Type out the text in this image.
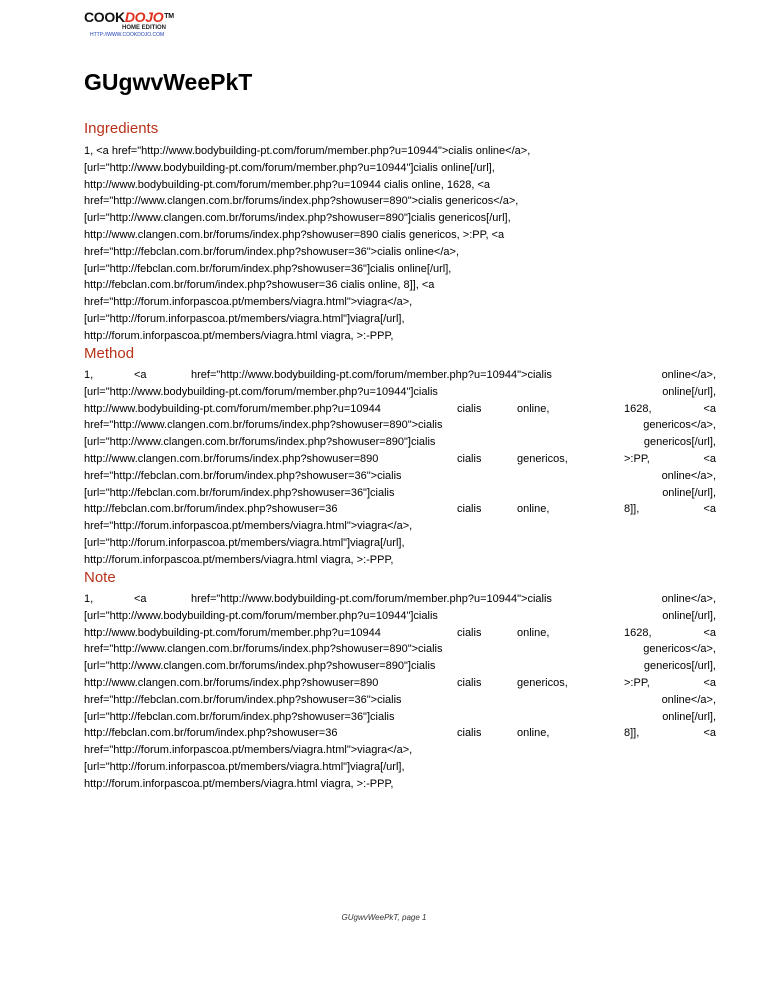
COOKDOJO™
HOME EDITION
HTTP://WWW.COOKDOJO.COM
GUgwvWeePkT
Ingredients
1, <a href="http://www.bodybuilding-pt.com/forum/member.php?u=10944">cialis online</a>,
[url="http://www.bodybuilding-pt.com/forum/member.php?u=10944"]cialis online[/url],
http://www.bodybuilding-pt.com/forum/member.php?u=10944 cialis online, 1628, <a
href="http://www.clangen.com.br/forums/index.php?showuser=890">cialis genericos</a>,
[url="http://www.clangen.com.br/forums/index.php?showuser=890"]cialis genericos[/url],
http://www.clangen.com.br/forums/index.php?showuser=890 cialis genericos, >:PP, <a
href="http://febclan.com.br/forum/index.php?showuser=36">cialis online</a>,
[url="http://febclan.com.br/forum/index.php?showuser=36"]cialis online[/url],
http://febclan.com.br/forum/index.php?showuser=36 cialis online, 8]], <a
href="http://forum.inforpascoa.pt/members/viagra.html">viagra</a>,
[url="http://forum.inforpascoa.pt/members/viagra.html"]viagra[/url],
http://forum.inforpascoa.pt/members/viagra.html viagra, >:-PPP,
Method
1,	<a	href="http://www.bodybuilding-pt.com/forum/member.php?u=10944">cialis	online</a>,
[url="http://www.bodybuilding-pt.com/forum/member.php?u=10944"]cialis	online[/url],
http://www.bodybuilding-pt.com/forum/member.php?u=10944	cialis	online,	1628,	<a
href="http://www.clangen.com.br/forums/index.php?showuser=890">cialis	genericos</a>,
[url="http://www.clangen.com.br/forums/index.php?showuser=890"]cialis	genericos[/url],
http://www.clangen.com.br/forums/index.php?showuser=890	cialis	genericos,	>:PP,	<a
href="http://febclan.com.br/forum/index.php?showuser=36">cialis	online</a>,
[url="http://febclan.com.br/forum/index.php?showuser=36"]cialis	online[/url],
http://febclan.com.br/forum/index.php?showuser=36	cialis	online,	8]],	<a
href="http://forum.inforpascoa.pt/members/viagra.html">viagra</a>,
[url="http://forum.inforpascoa.pt/members/viagra.html"]viagra[/url],
http://forum.inforpascoa.pt/members/viagra.html viagra, >:-PPP,
Note
1,	<a	href="http://www.bodybuilding-pt.com/forum/member.php?u=10944">cialis	online</a>,
[url="http://www.bodybuilding-pt.com/forum/member.php?u=10944"]cialis	online[/url],
http://www.bodybuilding-pt.com/forum/member.php?u=10944	cialis	online,	1628,	<a
href="http://www.clangen.com.br/forums/index.php?showuser=890">cialis	genericos</a>,
[url="http://www.clangen.com.br/forums/index.php?showuser=890"]cialis	genericos[/url],
http://www.clangen.com.br/forums/index.php?showuser=890	cialis	genericos,	>:PP,	<a
href="http://febclan.com.br/forum/index.php?showuser=36">cialis	online</a>,
[url="http://febclan.com.br/forum/index.php?showuser=36"]cialis	online[/url],
http://febclan.com.br/forum/index.php?showuser=36	cialis	online,	8]],	<a
href="http://forum.inforpascoa.pt/members/viagra.html">viagra</a>,
[url="http://forum.inforpascoa.pt/members/viagra.html"]viagra[/url],
http://forum.inforpascoa.pt/members/viagra.html viagra, >:-PPP,
GUgwvWeePkT, page 1
